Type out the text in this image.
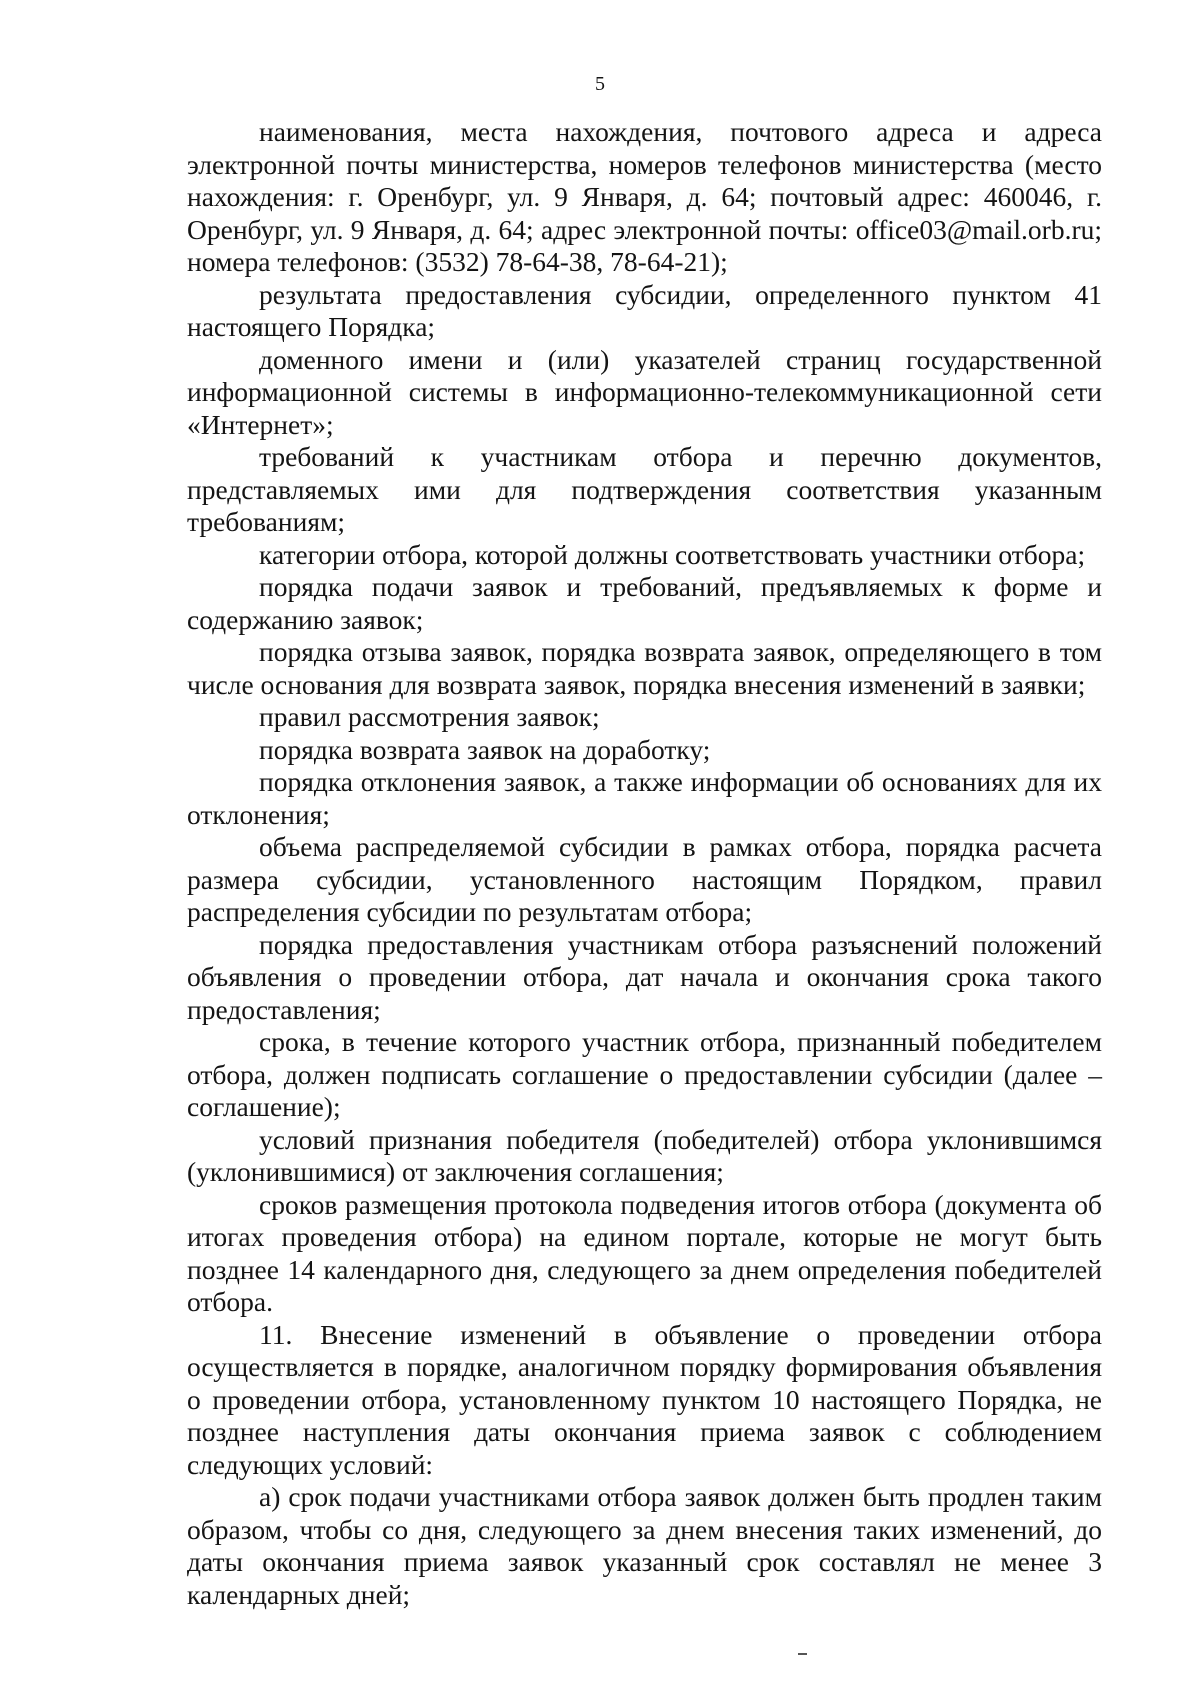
5

наименования, места нахождения, почтового адреса и адреса электронной почты министерства, номеров телефонов министерства (место нахождения: г. Оренбург, ул. 9 Января, д. 64; почтовый адрес: 460046, г. Оренбург, ул. 9 Января, д. 64; адрес электронной почты: office03@mail.orb.ru; номера телефонов: (3532) 78-64-38, 78-64-21);

результата предоставления субсидии, определенного пунктом 41 настоящего Порядка;

доменного имени и (или) указателей страниц государственной информационной системы в информационно-телекоммуникационной сети «Интернет»;

требований к участникам отбора и перечню документов, представляемых ими для подтверждения соответствия указанным требованиям;

категории отбора, которой должны соответствовать участники отбора;

порядка подачи заявок и требований, предъявляемых к форме и содержанию заявок;

порядка отзыва заявок, порядка возврата заявок, определяющего в том числе основания для возврата заявок, порядка внесения изменений в заявки;

правил рассмотрения заявок;

порядка возврата заявок на доработку;

порядка отклонения заявок, а также информации об основаниях для их отклонения;

объема распределяемой субсидии в рамках отбора, порядка расчета размера субсидии, установленного настоящим Порядком, правил распределения субсидии по результатам отбора;

порядка предоставления участникам отбора разъяснений положений объявления о проведении отбора, дат начала и окончания срока такого предоставления;

срока, в течение которого участник отбора, признанный победителем отбора, должен подписать соглашение о предоставлении субсидии (далее – соглашение);

условий признания победителя (победителей) отбора уклонившимся (уклонившимися) от заключения соглашения;

сроков размещения протокола подведения итогов отбора (документа об итогах проведения отбора) на едином портале, которые не могут быть позднее 14 календарного дня, следующего за днем определения победителей отбора.

11. Внесение изменений в объявление о проведении отбора осуществляется в порядке, аналогичном порядку формирования объявления о проведении отбора, установленному пунктом 10 настоящего Порядка, не позднее наступления даты окончания приема заявок с соблюдением следующих условий:

а) срок подачи участниками отбора заявок должен быть продлен таким образом, чтобы со дня, следующего за днем внесения таких изменений, до даты окончания приема заявок указанный срок составлял не менее 3 календарных дней;
